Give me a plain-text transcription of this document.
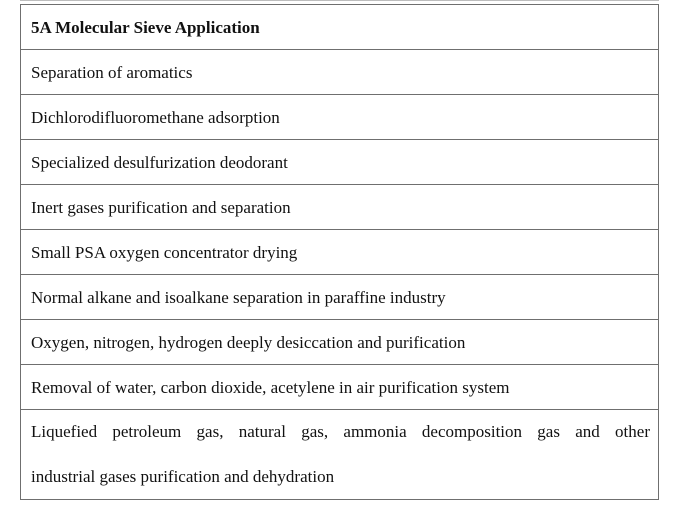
5A Molecular Sieve Application
Separation of aromatics
Dichlorodifluoromethane adsorption
Specialized desulfurization deodorant
Inert gases purification and separation
Small PSA oxygen concentrator drying
Normal alkane and isoalkane separation in paraffine industry
Oxygen, nitrogen, hydrogen deeply desiccation and purification
Removal of water, carbon dioxide, acetylene in air purification system
Liquefied petroleum gas, natural gas, ammonia decomposition gas and other
industrial gases purification and dehydration
